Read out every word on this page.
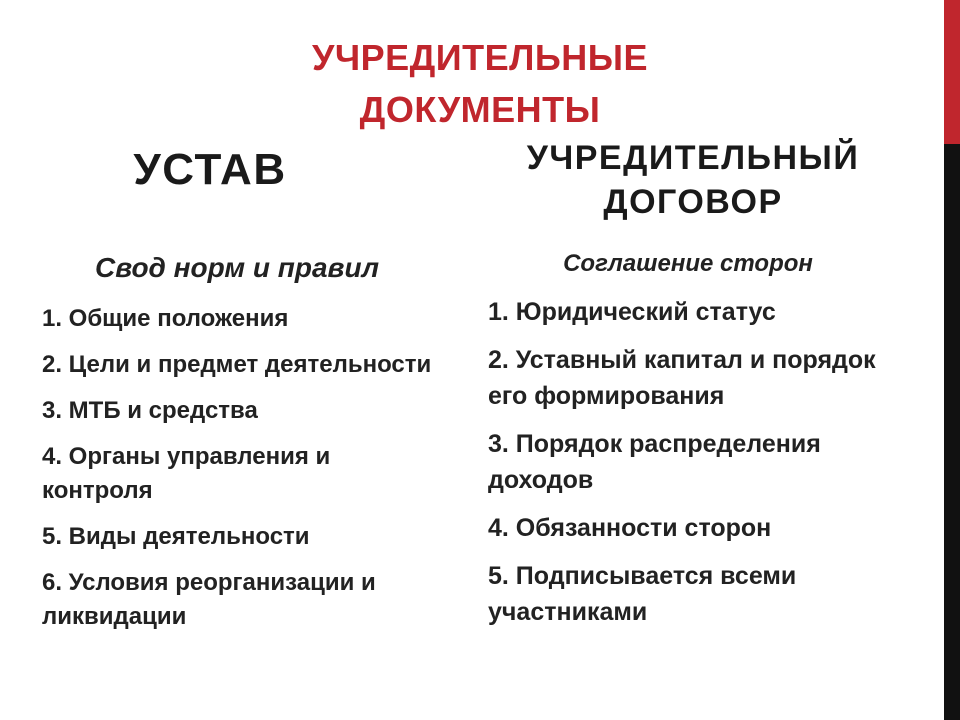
УЧРЕДИТЕЛЬНЫЕ
ДОКУМЕНТЫ
УСТАВ
Свод норм и правил
1. Общие положения
2. Цели и предмет деятельности
3. МТБ и средства
4. Органы управления и контроля
5. Виды деятельности
6. Условия реорганизации и ликвидации
УЧРЕДИТЕЛЬНЫЙ
ДОГОВОР
Соглашение сторон
1. Юридический статус
2. Уставный капитал и порядок его формирования
3. Порядок распределения доходов
4. Обязанности сторон
5. Подписывается всеми участниками
